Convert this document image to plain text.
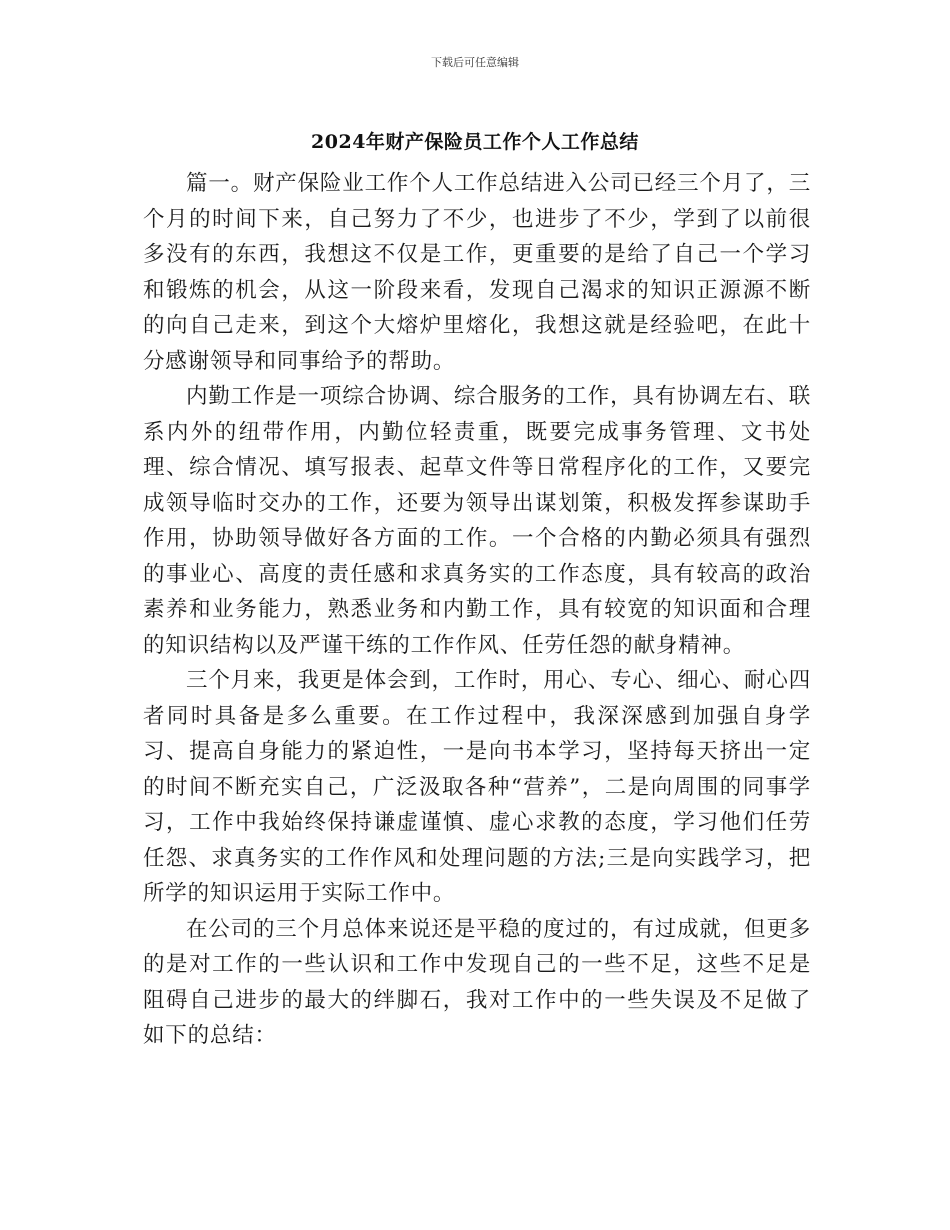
下载后可任意编辑
2024年财产保险员工作个人工作总结

篇一。财产保险业工作个人工作总结进入公司已经三个月了，三个月的时间下来，自己努力了不少，也进步了不少，学到了以前很多没有的东西，我想这不仅是工作，更重要的是给了自己一个学习和锻炼的机会，从这一阶段来看，发现自己渴求的知识正源源不断的向自己走来，到这个大熔炉里熔化，我想这就是经验吧，在此十分感谢领导和同事给予的帮助。

内勤工作是一项综合协调、综合服务的工作，具有协调左右、联系内外的纽带作用，内勤位轻责重，既要完成事务管理、文书处理、综合情况、填写报表、起草文件等日常程序化的工作，又要完成领导临时交办的工作，还要为领导出谋划策，积极发挥参谋助手作用，协助领导做好各方面的工作。一个合格的内勤必须具有强烈的事业心、高度的责任感和求真务实的工作态度，具有较高的政治素养和业务能力，熟悉业务和内勤工作，具有较宽的知识面和合理的知识结构以及严谨干练的工作作风、任劳任怨的献身精神。

三个月来，我更是体会到，工作时，用心、专心、细心、耐心四者同时具备是多么重要。在工作过程中，我深深感到加强自身学习、提高自身能力的紧迫性，一是向书本学习，坚持每天挤出一定的时间不断充实自己，广泛汲取各种“营养”，二是向周围的同事学习，工作中我始终保持谦虚谨慎、虚心求教的态度，学习他们任劳任怨、求真务实的工作作风和处理问题的方法;三是向实践学习，把所学的知识运用于实际工作中。

在公司的三个月总体来说还是平稳的度过的，有过成就，但更多的是对工作的一些认识和工作中发现自己的一些不足，这些不足是阻碍自己进步的最大的绊脚石，我对工作中的一些失误及不足做了如下的总结：
